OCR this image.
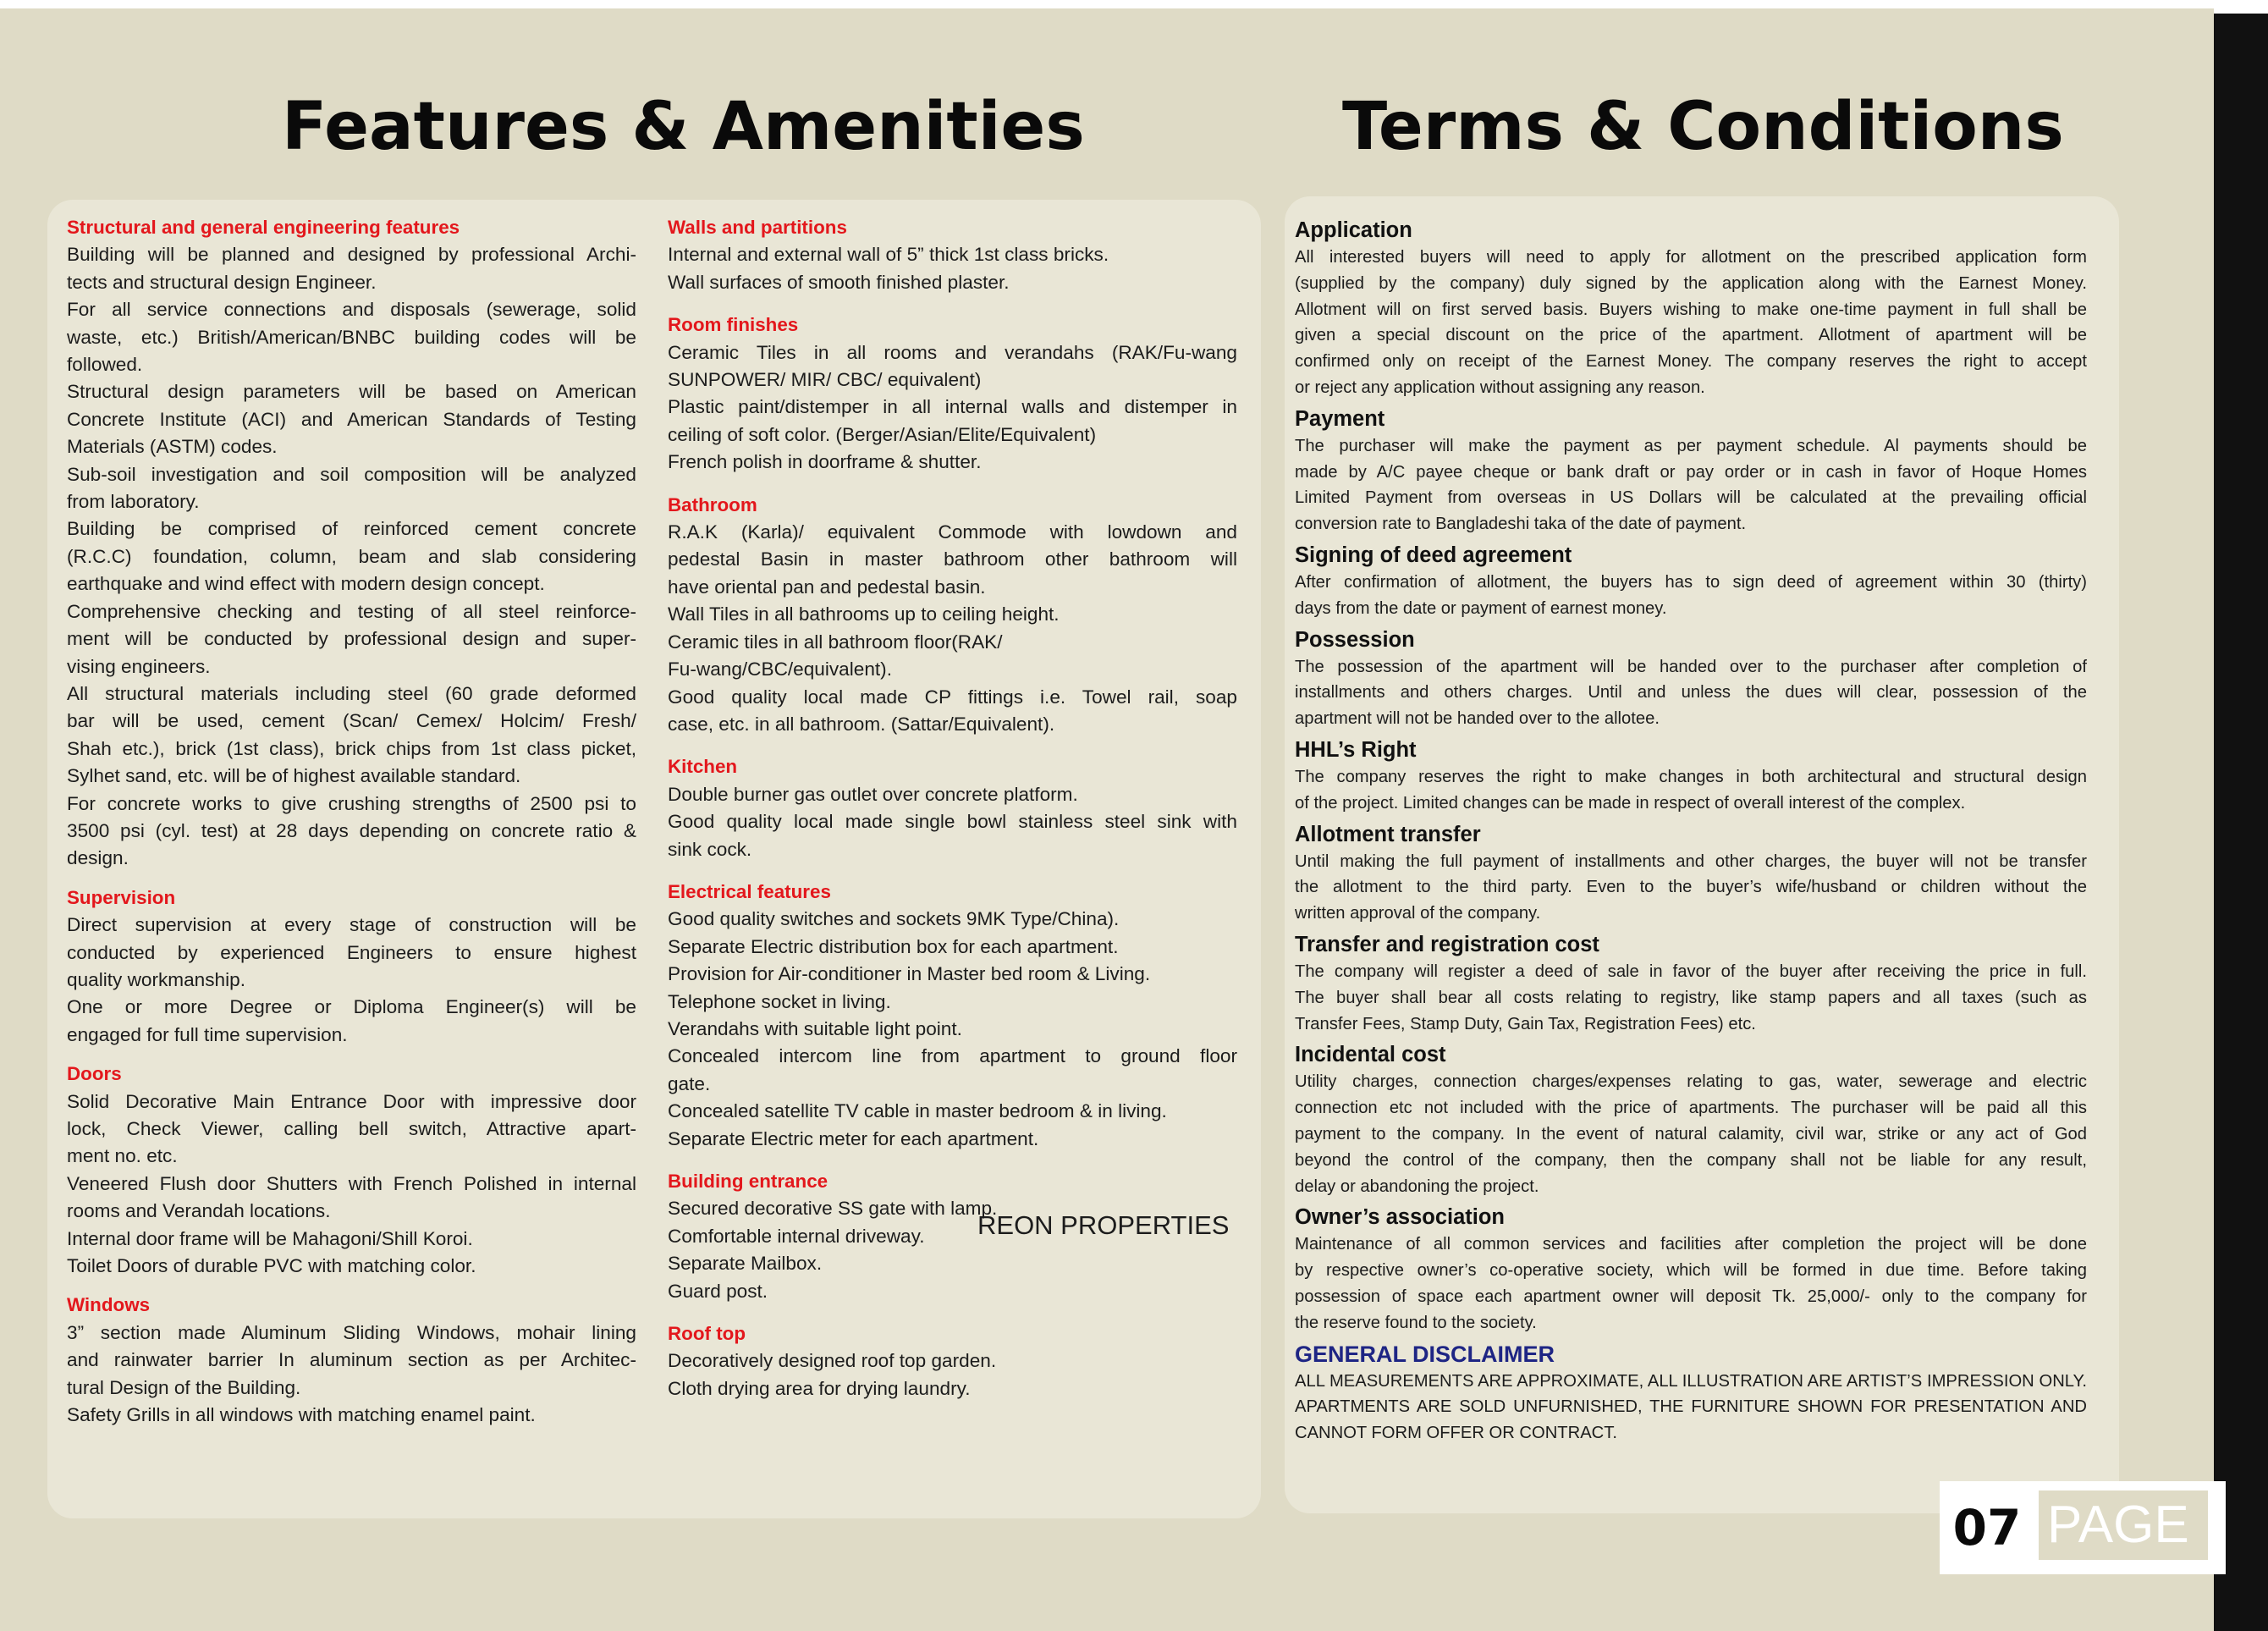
Features & Amenities	Terms & Conditions
Structural and general engineering features
Building will be planned and designed by professional Archi-
tects and structural design Engineer.
For all service connections and disposals (sewerage, solid
waste, etc.) British/American/BNBC building codes will be
followed.
Structural design parameters will be based on American
Concrete Institute (ACI) and American Standards of Testing
Materials (ASTM) codes.
Sub-soil investigation and soil composition will be analyzed
from laboratory.
Building be comprised of reinforced cement concrete
(R.C.C) foundation, column, beam and slab considering
earthquake and wind effect with modern design concept.
Comprehensive checking and testing of all steel reinforce-
ment will be conducted by professional design and super-
vising engineers.
All structural materials including steel (60 grade deformed
bar will be used, cement (Scan/ Cemex/ Holcim/ Fresh/
Shah etc.), brick (1st class), brick chips from 1st class picket,
Sylhet sand, etc. will be of highest available standard.
For concrete works to give crushing strengths of 2500 psi to
3500 psi (cyl. test) at 28 days depending on concrete ratio &
design.
Supervision
Direct supervision at every stage of construction will be
conducted by experienced Engineers to ensure highest
quality workmanship.
One or more Degree or Diploma Engineer(s) will be
engaged for full time supervision.
Doors
Solid Decorative Main Entrance Door with impressive door
lock, Check Viewer, calling bell switch, Attractive apart-
ment no. etc.
Veneered Flush door Shutters with French Polished in internal
rooms and Verandah locations.
Internal door frame will be Mahagoni/Shill Koroi.
Toilet Doors of durable PVC with matching color.
Windows
3” section made Aluminum Sliding Windows, mohair lining
and rainwater barrier In aluminum section as per Architec-
tural Design of the Building.
Safety Grills in all windows with matching enamel paint.
Walls and partitions
Internal and external wall of 5” thick 1st class bricks.
Wall surfaces of smooth finished plaster.
Room finishes
Ceramic Tiles in all rooms and verandahs (RAK/Fu-wang
SUNPOWER/ MIR/ CBC/ equivalent)
Plastic paint/distemper in all internal walls and distemper in
ceiling of soft color. (Berger/Asian/Elite/Equivalent)
French polish in doorframe & shutter.
Bathroom
R.A.K (Karla)/ equivalent Commode with lowdown and
pedestal Basin in master bathroom other bathroom will
have oriental pan and pedestal basin.
Wall Tiles in all bathrooms up to ceiling height.
Ceramic tiles in all bathroom floor(RAK/
Fu-wang/CBC/equivalent).
Good quality local made CP fittings i.e. Towel rail, soap
case, etc. in all bathroom. (Sattar/Equivalent).
Kitchen
Double burner gas outlet over concrete platform.
Good quality local made single bowl stainless steel sink with
sink cock.
Electrical features
Good quality switches and sockets 9MK Type/China).
Separate Electric distribution box for each apartment.
Provision for Air-conditioner in Master bed room & Living.
Telephone socket in living.
Verandahs with suitable light point.
Concealed intercom line from apartment to ground floor
gate.
Concealed satellite TV cable in master bedroom & in living.
Separate Electric meter for each apartment.
Building entrance
Secured decorative SS gate with lamp.
Comfortable internal driveway.
Separate Mailbox.
Guard post.
Roof top
Decoratively designed roof top garden.
Cloth drying area for drying laundry.
Application
All interested buyers will need to apply for allotment on the prescribed application form
(supplied by the company) duly signed by the application along with the Earnest Money.
Allotment will on first served basis. Buyers wishing to make one-time payment in full shall be
given a special discount on the price of the apartment. Allotment of apartment will be
confirmed only on receipt of the Earnest Money. The company reserves the right to accept
or reject any application without assigning any reason.
Payment
The purchaser will make the payment as per payment schedule. Al payments should be
made by A/C payee cheque or bank draft or pay order or in cash in favor of Hoque Homes
Limited Payment from overseas in US Dollars will be calculated at the prevailing official
conversion rate to Bangladeshi taka of the date of payment.
Signing of deed agreement
After confirmation of allotment, the buyers has to sign deed of agreement within 30 (thirty)
days from the date or payment of earnest money.
Possession
The possession of the apartment will be handed over to the purchaser after completion of
installments and others charges. Until and unless the dues will clear, possession of the
apartment will not be handed over to the allotee.
HHL’s Right
The company reserves the right to make changes in both architectural and structural design
of the project. Limited changes can be made in respect of overall interest of the complex.
Allotment transfer
Until making the full payment of installments and other charges, the buyer will not be transfer
the allotment to the third party. Even to the buyer’s wife/husband or children without the
written approval of the company.
Transfer and registration cost
The company will register a deed of sale in favor of the buyer after receiving the price in full.
The buyer shall bear all costs relating to registry, like stamp papers and all taxes (such as
Transfer Fees, Stamp Duty, Gain Tax, Registration Fees) etc.
Incidental cost
Utility charges, connection charges/expenses relating to gas, water, sewerage and electric
connection etc not included with the price of apartments. The purchaser will be paid all this
payment to the company. In the event of natural calamity, civil war, strike or any act of God
beyond the control of the company, then the company shall not be liable for any result,
delay or abandoning the project.
Owner’s association
Maintenance of all common services and facilities after completion the project will be done
by respective owner’s co-operative society, which will be formed in due time. Before taking
possession of space each apartment owner will deposit Tk. 25,000/- only to the company for
the reserve found to the society.
GENERAL DISCLAIMER
ALL MEASUREMENTS ARE APPROXIMATE, ALL ILLUSTRATION ARE ARTIST’S IMPRESSION ONLY.
APARTMENTS ARE SOLD UNFURNISHED, THE FURNITURE SHOWN FOR PRESENTATION AND
CANNOT FORM OFFER OR CONTRACT.
REON PROPERTIES
07 PAGE
